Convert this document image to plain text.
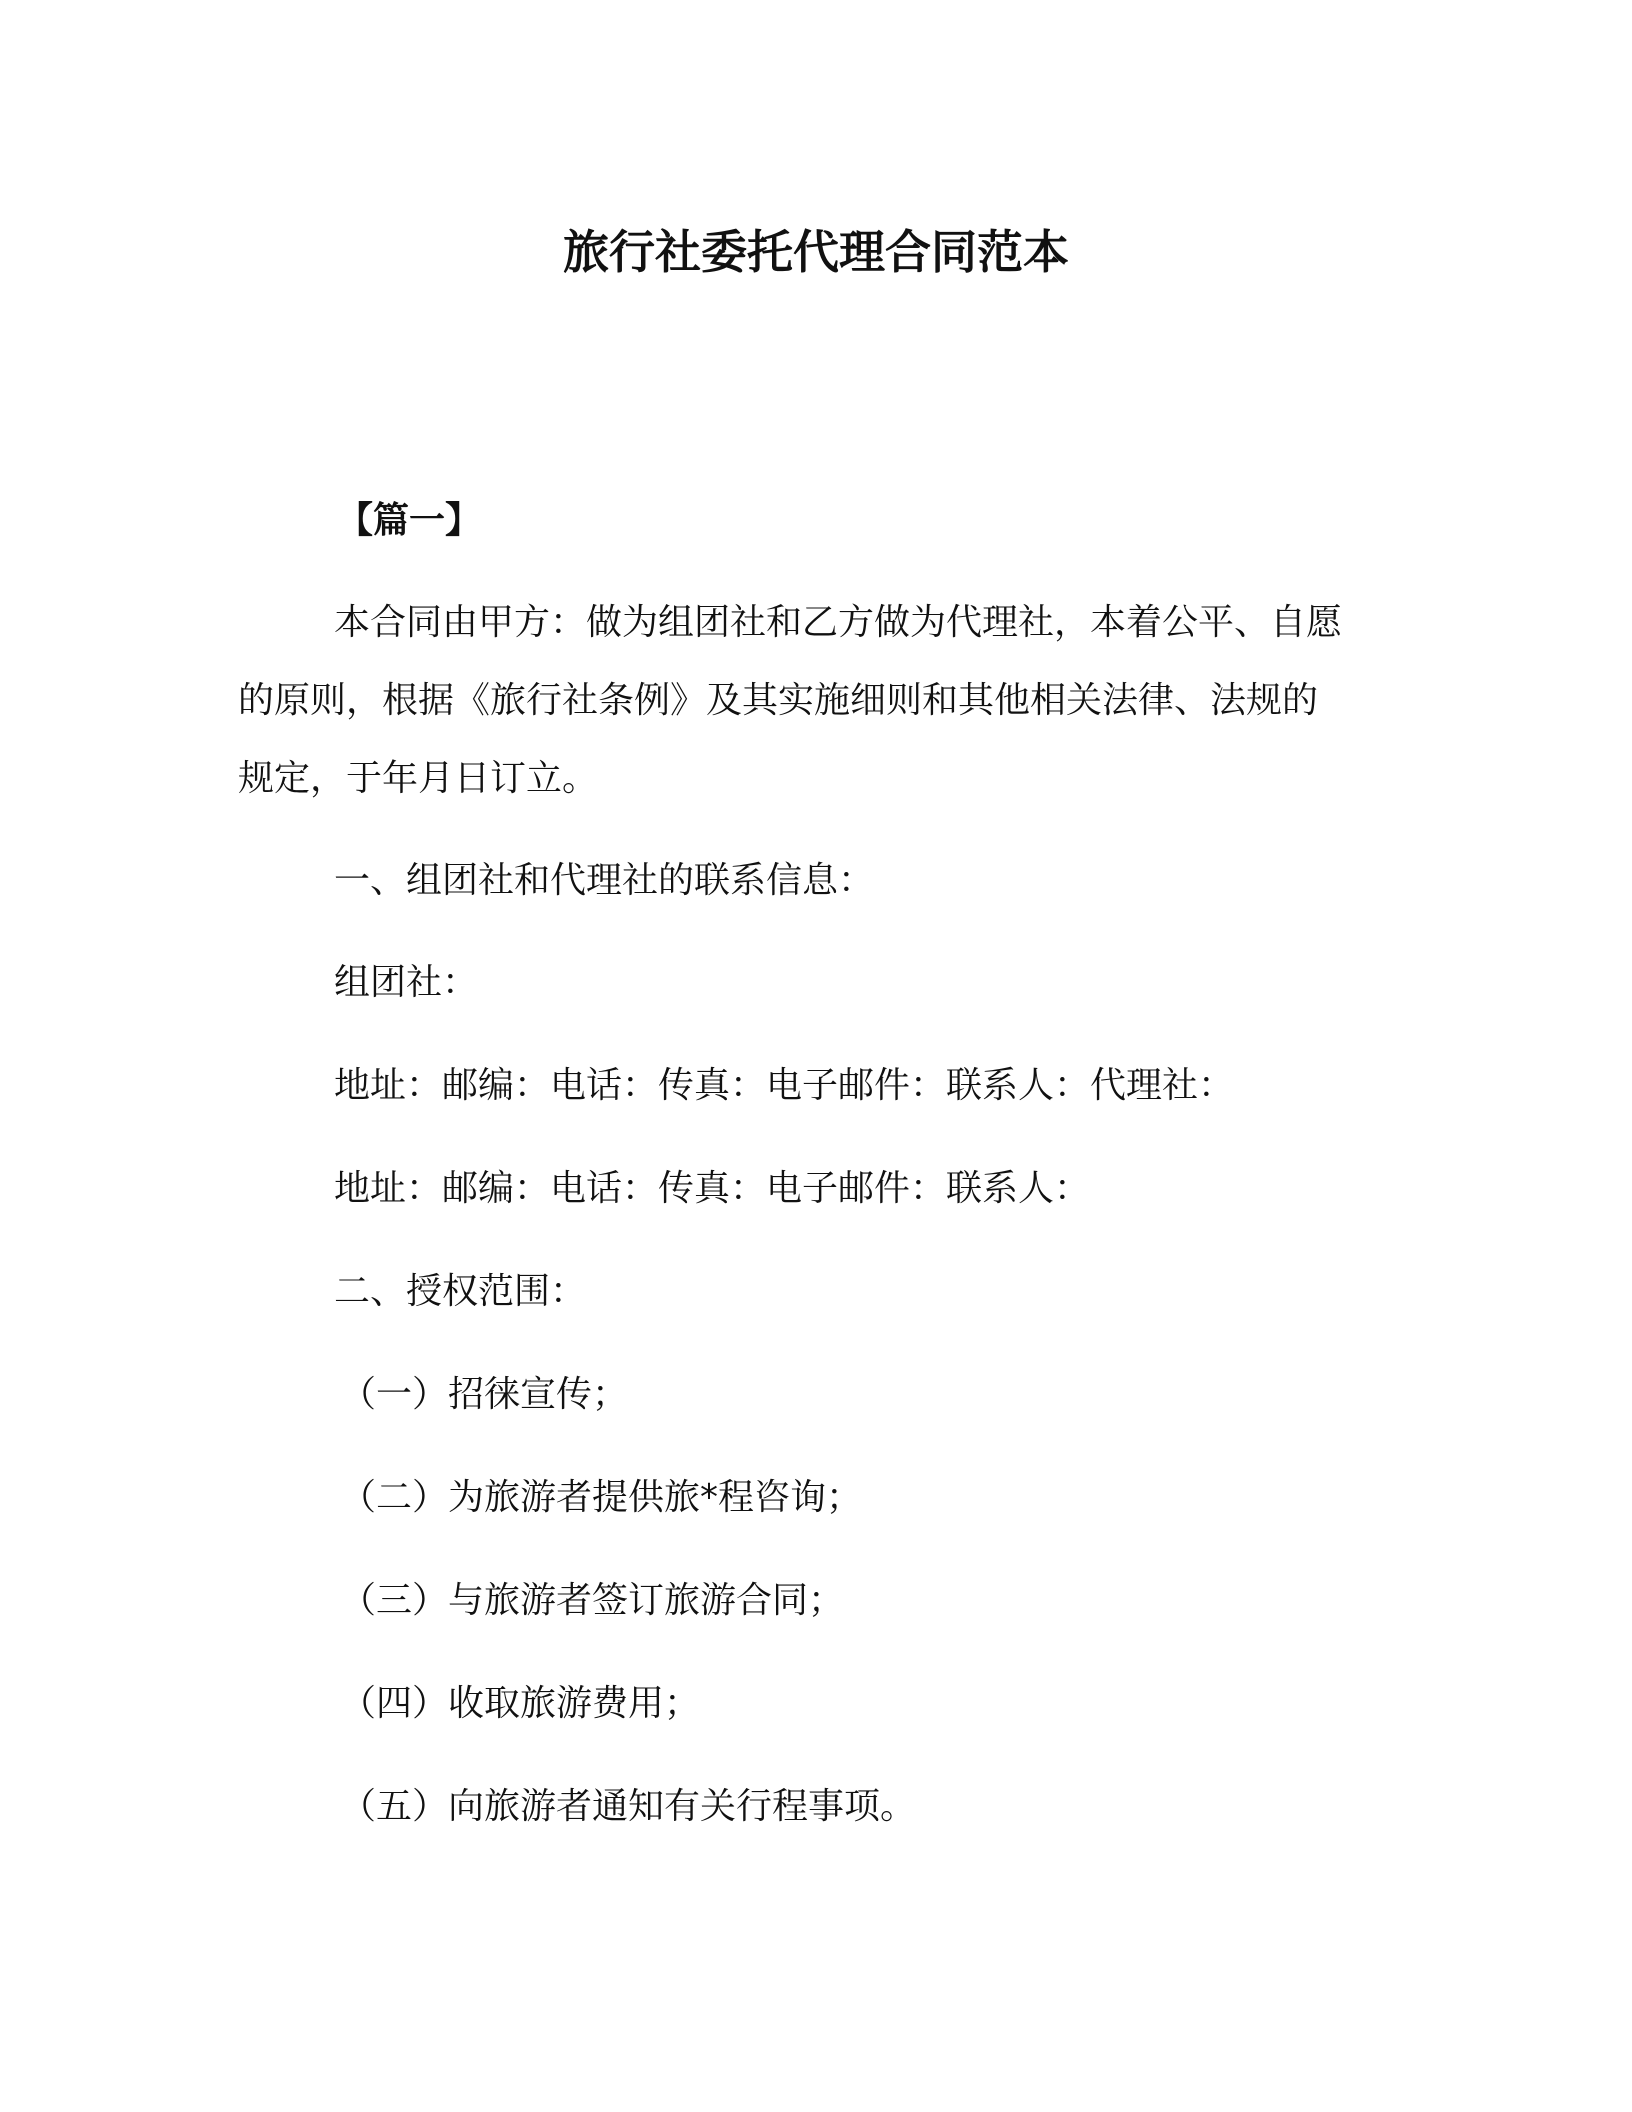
旅行社委托代理合同范本
【篇一】
本合同由甲方：做为组团社和乙方做为代理社，本着公平、自愿
的原则，根据《旅行社条例》及其实施细则和其他相关法律、法规的
规定，于年月日订立。
一、组团社和代理社的联系信息：
组团社：
地址：邮编：电话：传真：电子邮件：联系人：代理社：
地址：邮编：电话：传真：电子邮件：联系人：
二、授权范围：
（一）招徕宣传；
（二）为旅游者提供旅*程咨询；
（三）与旅游者签订旅游合同；
（四）收取旅游费用；
（五）向旅游者通知有关行程事项。
